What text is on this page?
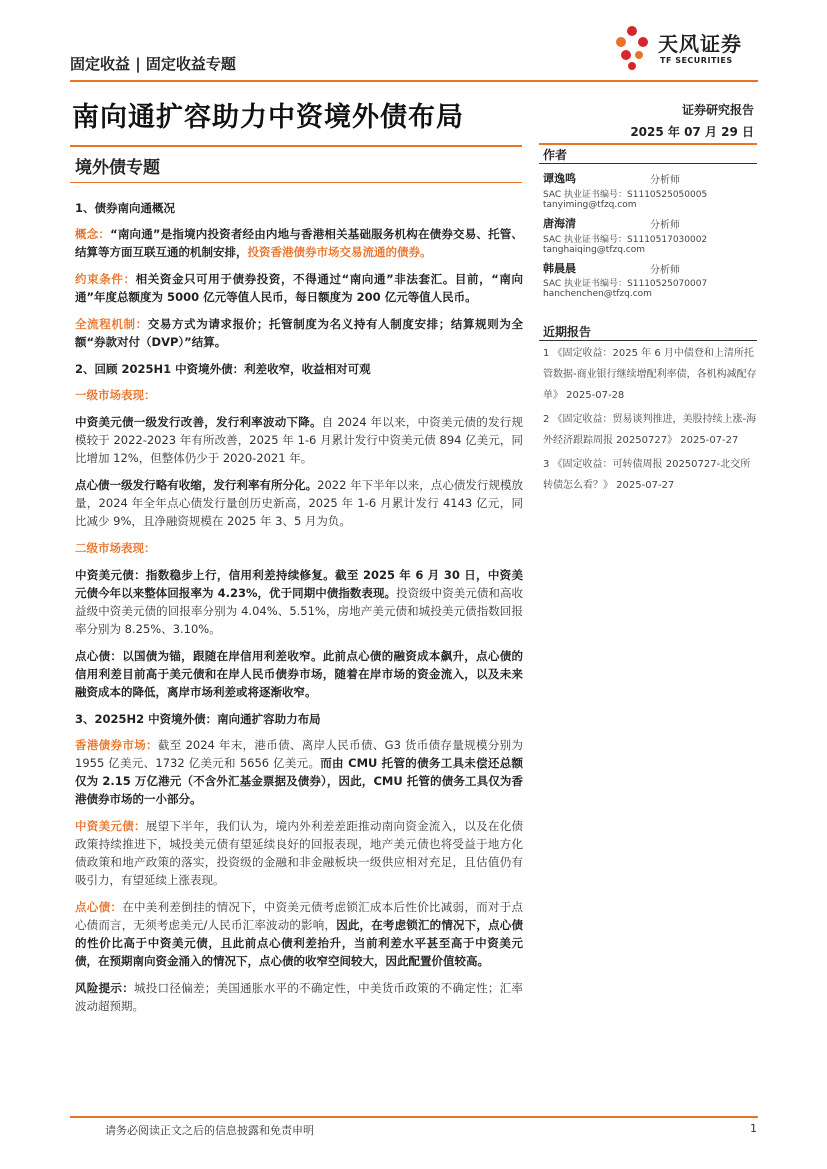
固定收益 | 固定收益专题
天风证券
TF SECURITIES
南向通扩容助力中资境外债布局	证券研究报告
2025 年 07 月 29 日
境外债专题
作者
谭逸鸣	分析师
SAC 执业证书编号：S1110525050005
tanyiming@tfzq.com
唐海清	分析师
SAC 执业证书编号：S1110517030002
tanghaiqing@tfzq.com
韩晨晨	分析师
SAC 执业证书编号：S1110525070007
hanchenchen@tfzq.com
近期报告

1 《固定收益：2025 年 6 月中债登和上清所托管数据-商业银行继续增配利率债，各机构减配存单》 2025-07-28

2 《固定收益：贸易谈判推进，美股持续上涨-海外经济跟踪周报 20250727》 2025-07-27

3 《固定收益：可转债周报 20250727-北交所转债怎么看？》 2025-07-27

1、债券南向通概况

概念：“南向通”是指境内投资者经由内地与香港相关基础服务机构在债券交易、托管、结算等方面互联互通的机制安排，投资香港债券市场交易流通的债券。

约束条件：相关资金只可用于债券投资，不得通过“南向通”非法套汇。目前，“南向通”年度总额度为 5000 亿元等值人民币，每日额度为 200 亿元等值人民币。

全流程机制：交易方式为请求报价；托管制度为名义持有人制度安排；结算规则为全额“券款对付（DVP）”结算。

2、回顾 2025H1 中资境外债：利差收窄，收益相对可观
一级市场表现：

中资美元债一级发行改善，发行利率波动下降。自 2024 年以来，中资美元债的发行规模较于 2022-2023 年有所改善，2025 年 1-6 月累计发行中资美元债 894 亿美元，同比增加 12%，但整体仍少于 2020-2021 年。

点心债一级发行略有收缩，发行利率有所分化。2022 年下半年以来，点心债发行规模放量，2024 年全年点心债发行量创历史新高，2025 年 1-6 月累计发行 4143 亿元，同比减少 9%，且净融资规模在 2025 年 3、5 月为负。

二级市场表现：

中资美元债：指数稳步上行，信用利差持续修复。截至 2025 年 6 月 30 日，中资美元债今年以来整体回报率为 4.23%，优于同期中债指数表现。投资级中资美元债和高收益级中资美元债的回报率分别为 4.04%、5.51%，房地产美元债和城投美元债指数回报率分别为 8.25%、3.10%。

点心债：以国债为锚，跟随在岸信用利差收窄。此前点心债的融资成本飙升，点心债的信用利差目前高于美元债和在岸人民币债券市场，随着在岸市场的资金流入，以及未来融资成本的降低，离岸市场利差或将逐渐收窄。

3、2025H2 中资境外债：南向通扩容助力布局

香港债券市场：截至 2024 年末，港币债、离岸人民币债、G3 货币债存量规模分别为 1955 亿美元、1732 亿美元和 5656 亿美元。而由 CMU 托管的债务工具未偿还总额仅为 2.15 万亿港元（不含外汇基金票据及债券），因此，CMU 托管的债务工具仅为香港债券市场的一小部分。

中资美元债：展望下半年，我们认为，境内外利差差距推动南向资金流入，以及在化债政策持续推进下，城投美元债有望延续良好的回报表现，地产美元债也将受益于地方化债政策和地产政策的落实，投资级的金融和非金融板块一级供应相对充足，且估值仍有吸引力，有望延续上涨表现。

点心债：在中美利差倒挂的情况下，中资美元债考虑锁汇成本后性价比减弱，而对于点心债而言，无须考虑美元/人民币汇率波动的影响，因此，在考虑锁汇的情况下，点心债的性价比高于中资美元债，且此前点心债利差抬升，当前利差水平甚至高于中资美元债，在预期南向资金涌入的情况下，点心债的收窄空间较大，因此配置价值较高。

风险提示：城投口径偏差；美国通胀水平的不确定性，中美货币政策的不确定性；汇率波动超预期。

请务必阅读正文之后的信息披露和免责申明	1
